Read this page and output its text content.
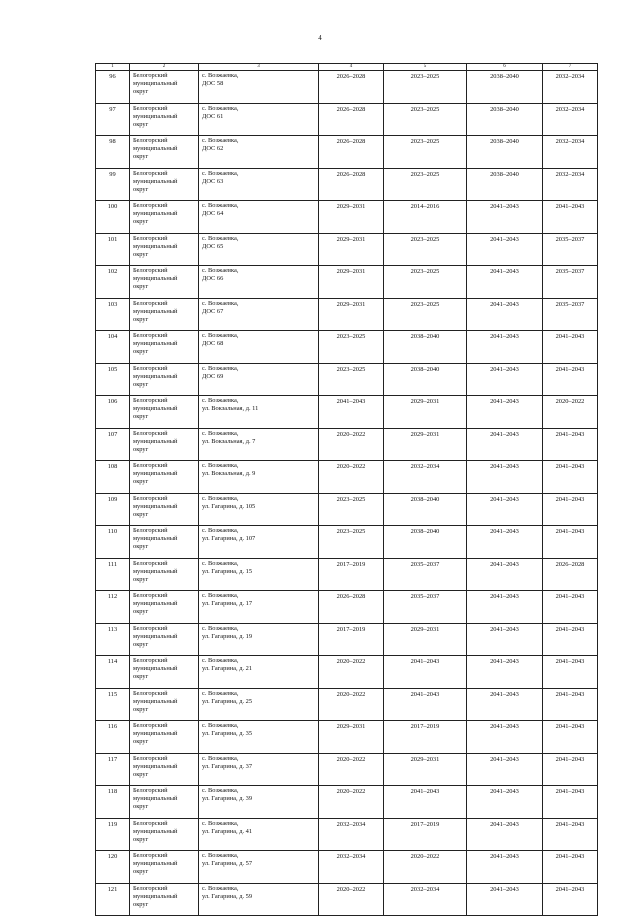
4
1	2	3	4	5	6	7
96	Белогорский
муниципальный
округ	с. Возжаевка,
ДОС 58	2026–2028	2023–2025	2038–2040	2032–2034
97	Белогорский
муниципальный
округ	с. Возжаевка,
ДОС 61	2026–2028	2023–2025	2038–2040	2032–2034
98	Белогорский
муниципальный
округ	с. Возжаевка,
ДОС 62	2026–2028	2023–2025	2038–2040	2032–2034
99	Белогорский
муниципальный
округ	с. Возжаевка,
ДОС 63	2026–2028	2023–2025	2038–2040	2032–2034
100	Белогорский
муниципальный
округ	с. Возжаевка,
ДОС 64	2029–2031	2014–2016	2041–2043	2041–2043
101	Белогорский
муниципальный
округ	с. Возжаевка,
ДОС 65	2029–2031	2023–2025	2041–2043	2035–2037
102	Белогорский
муниципальный
округ	с. Возжаевка,
ДОС 66	2029–2031	2023–2025	2041–2043	2035–2037
103	Белогорский
муниципальный
округ	с. Возжаевка,
ДОС 67	2029–2031	2023–2025	2041–2043	2035–2037
104	Белогорский
муниципальный
округ	с. Возжаевка,
ДОС 68	2023–2025	2038–2040	2041–2043	2041–2043
105	Белогорский
муниципальный
округ	с. Возжаевка,
ДОС 69	2023–2025	2038–2040	2041–2043	2041–2043
106	Белогорский
муниципальный
округ	с. Возжаевка,
ул. Вокзальная, д. 11	2041–2043	2029–2031	2041–2043	2020–2022
107	Белогорский
муниципальный
округ	с. Возжаевка,
ул. Вокзальная, д. 7	2020–2022	2029–2031	2041–2043	2041–2043
108	Белогорский
муниципальный
округ	с. Возжаевка,
ул. Вокзальная, д. 9	2020–2022	2032–2034	2041–2043	2041–2043
109	Белогорский
муниципальный
округ	с. Возжаевка,
ул. Гагарина, д. 105	2023–2025	2038–2040	2041–2043	2041–2043
110	Белогорский
муниципальный
округ	с. Возжаевка,
ул. Гагарина, д. 107	2023–2025	2038–2040	2041–2043	2041–2043
111	Белогорский
муниципальный
округ	с. Возжаевка,
ул. Гагарина, д. 15	2017–2019	2035–2037	2041–2043	2026–2028
112	Белогорский
муниципальный
округ	с. Возжаевка,
ул. Гагарина, д. 17	2026–2028	2035–2037	2041–2043	2041–2043
113	Белогорский
муниципальный
округ	с. Возжаевка,
ул. Гагарина, д. 19	2017–2019	2029–2031	2041–2043	2041–2043
114	Белогорский
муниципальный
округ	с. Возжаевка,
ул. Гагарина, д. 21	2020–2022	2041–2043	2041–2043	2041–2043
115	Белогорский
муниципальный
округ	с. Возжаевка,
ул. Гагарина, д. 25	2020–2022	2041–2043	2041–2043	2041–2043
116	Белогорский
муниципальный
округ	с. Возжаевка,
ул. Гагарина, д. 35	2029–2031	2017–2019	2041–2043	2041–2043
117	Белогорский
муниципальный
округ	с. Возжаевка,
ул. Гагарина, д. 37	2020–2022	2029–2031	2041–2043	2041–2043
118	Белогорский
муниципальный
округ	с. Возжаевка,
ул. Гагарина, д. 39	2020–2022	2041–2043	2041–2043	2041–2043
119	Белогорский
муниципальный
округ	с. Возжаевка,
ул. Гагарина, д. 41	2032–2034	2017–2019	2041–2043	2041–2043
120	Белогорский
муниципальный
округ	с. Возжаевка,
ул. Гагарина, д. 57	2032–2034	2020–2022	2041–2043	2041–2043
121	Белогорский
муниципальный
округ	с. Возжаевка,
ул. Гагарина, д. 59	2020–2022	2032–2034	2041–2043	2041–2043
